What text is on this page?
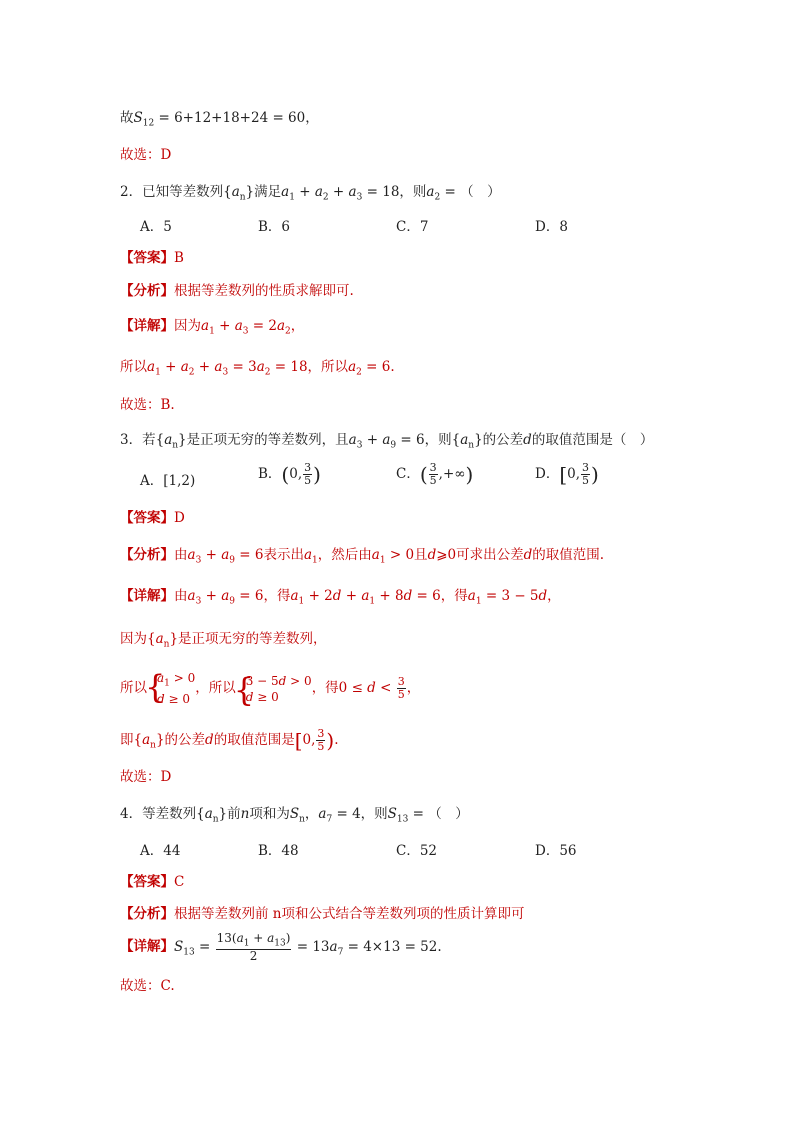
故$S_{12} = 6+12+18+24 = 60$，
故选：D
2．已知等差数列$\{a_n\}$满足$a_1 + a_2 + a_3 = 18$，则$a_2$ = （　）
A．5	B．6	C．7	D．8
【答案】B
【分析】根据等差数列的性质求解即可.
【详解】因为$a_1 + a_3 = 2a_2$，
所以$a_1 + a_2 + a_3 = 3a_2 = 18$，所以$a_2 = 6$.
故选：B.
3．若$\{a_n\}$是正项无穷的等差数列，且$a_3 + a_9 = 6$，则$\{a_n\}$的公差d的取值范围是（　）
A．[1,2)	B．(0, $\frac{3}{5}$ )	C．( $\frac{3}{5}$ ,+∞)	D．[0, $\frac{3}{5}$ )
【答案】D
【分析】由$a_3 + a_9 = 6$表示出$a_1$，然后由$a_1 > 0$且d⩾0可求出公差d的取值范围.
【详解】由$a_3 + a_9 = 6$，得$a_1 + 2d + a_1 + 8d = 6$，得$a_1 = 3 - 5d$，
因为$\{a_n\}$是正项无穷的等差数列，
所以{ $a_1 > 0$
d ≥ 0，所以{ 3 − 5d > 0
d ≥ 0，得$0 \le d < \frac{3}{5}$ ，
即$\{a_n\}$的公差d的取值范围是[0, $\frac{3}{5}$ ).
故选：D
4．等差数列$\{a_n\}$前n项和为$S_n$，$a_7 = 4$，则$S_{13}$ = （　）
A．44	B．48	C．52	D．56
【答案】C
【分析】根据等差数列前 n项和公式结合等差数列项的性质计算即可
【详解】$S_{13} = \frac{13(a_1 + a_{13})}{2} = 13a_7 = 4\times 13 = 52$.
故选：C.
